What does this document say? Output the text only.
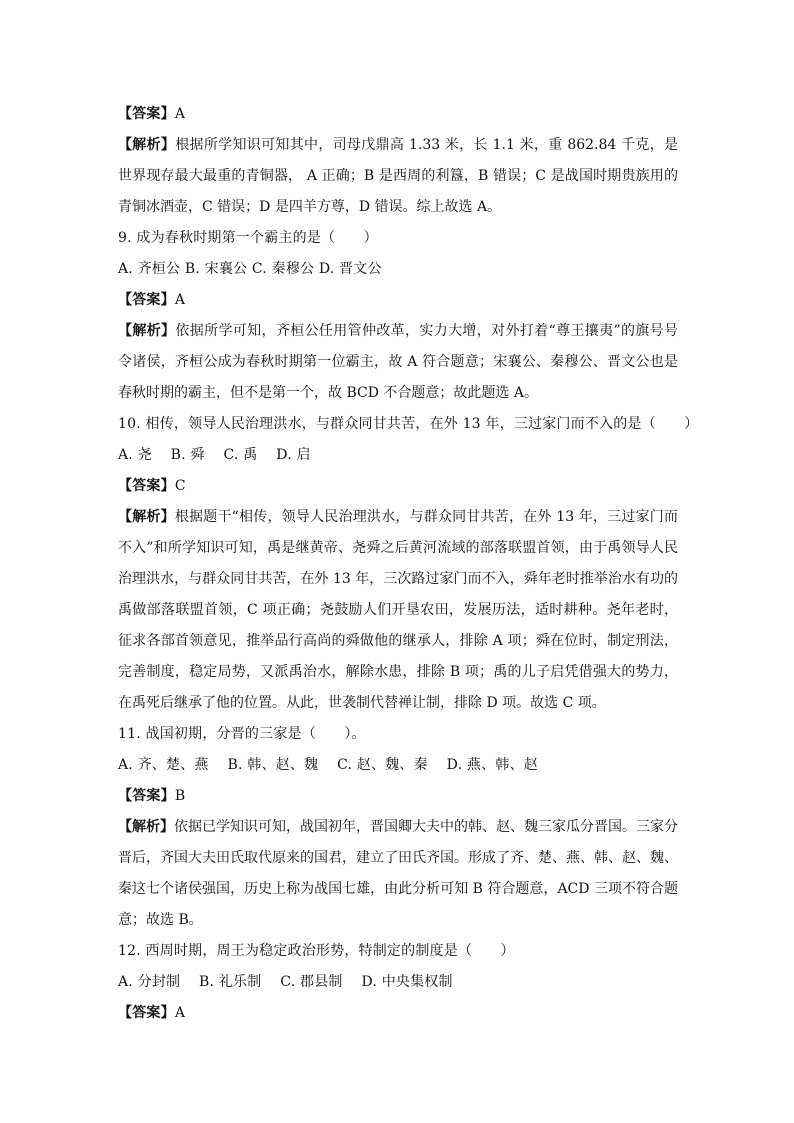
【答案】A
【解析】根据所学知识可知其中，司母戊鼎高 1.33 米，长 1.1 米，重 862.84 千克，是世界现存最大最重的青铜器， A 正确；B 是西周的利簋，B 错误；C 是战国时期贵族用的青铜冰酒壶，C 错误；D 是四羊方尊，D 错误。综上故选 A。
9. 成为春秋时期第一个霸主的是（　　）
A. 齐桓公 B. 宋襄公 C. 秦穆公 D. 晋文公
【答案】A
【解析】依据所学可知，齐桓公任用管仲改革，实力大增，对外打着“尊王攘夷”的旗号号令诸侯，齐桓公成为春秋时期第一位霸主，故 A 符合题意；宋襄公、秦穆公、晋文公也是春秋时期的霸主，但不是第一个，故 BCD 不合题意；故此题选 A。
10. 相传，领导人民治理洪水，与群众同甘共苦，在外 13 年，三过家门而不入的是（　　）
A. 尧　 B. 舜　 C. 禹　 D. 启
【答案】C
【解析】根据题干“相传，领导人民治理洪水，与群众同甘共苦，在外 13 年，三过家门而不入”和所学知识可知，禹是继黄帝、尧舜之后黄河流域的部落联盟首领，由于禹领导人民治理洪水，与群众同甘共苦，在外 13 年，三次路过家门而不入，舜年老时推举治水有功的禹做部落联盟首领，C 项正确；尧鼓励人们开垦农田，发展历法，适时耕种。尧年老时，征求各部首领意见，推举品行高尚的舜做他的继承人，排除 A 项；舜在位时，制定刑法，完善制度，稳定局势，又派禹治水，解除水患，排除 B 项；禹的儿子启凭借强大的势力，在禹死后继承了他的位置。从此，世袭制代替禅让制，排除 D 项。故选 C 项。
11. 战国初期，分晋的三家是（　　）。
A. 齐、楚、燕　 B. 韩、赵、魏　 C. 赵、魏、秦　 D. 燕、韩、赵
【答案】B
【解析】依据已学知识可知，战国初年，晋国卿大夫中的韩、赵、魏三家瓜分晋国。三家分晋后，齐国大夫田氏取代原来的国君，建立了田氏齐国。形成了齐、楚、燕、韩、赵、魏、秦这七个诸侯强国，历史上称为战国七雄，由此分析可知 B 符合题意，ACD 三项不符合题意；故选 B。
12. 西周时期，周王为稳定政治形势，特制定的制度是（　　）
A. 分封制　 B. 礼乐制　 C. 郡县制　 D. 中央集权制
【答案】A
